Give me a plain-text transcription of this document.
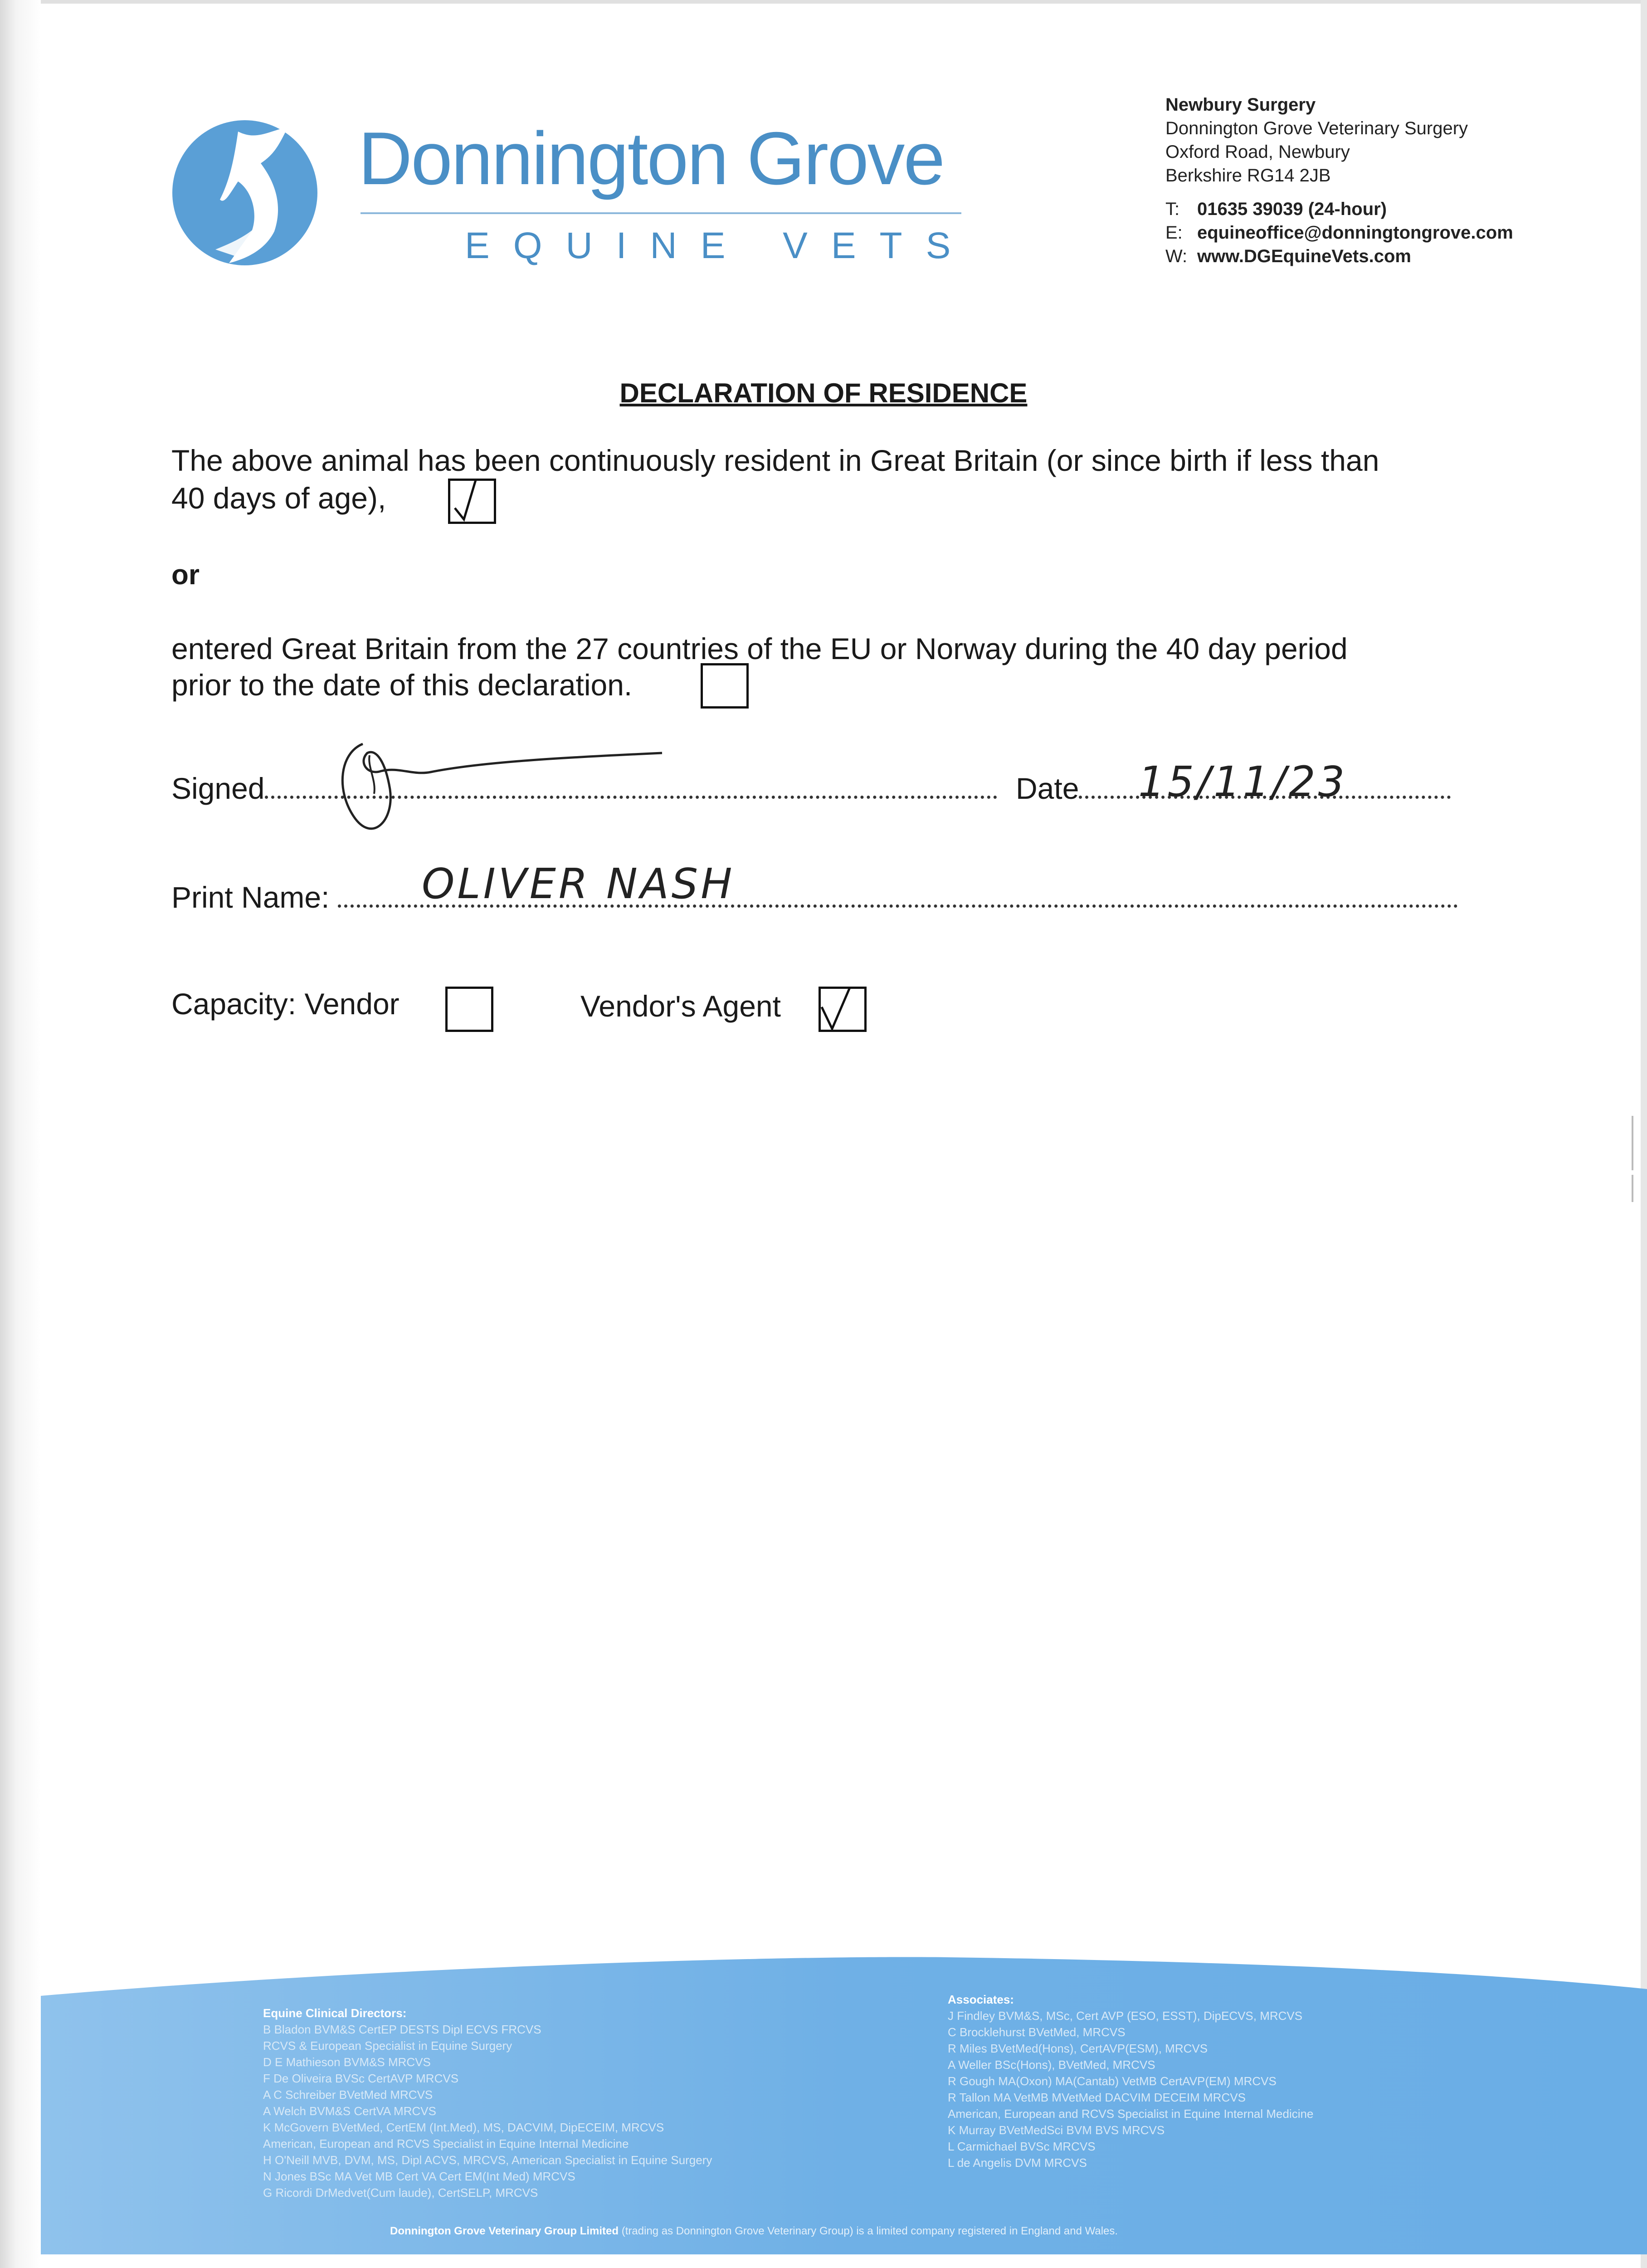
Donnington Grove
EQUINE VETS
Newbury Surgery
Donnington Grove Veterinary Surgery
Oxford Road, Newbury
Berkshire RG14 2JB
T: 01635 39039 (24-hour)
E: equineoffice@donningtongrove.com
W: www.DGEquineVets.com
DECLARATION OF RESIDENCE
The above animal has been continuously resident in Great Britain (or since birth if less than
40 days of age),
or
entered Great Britain from the 27 countries of the EU or Norway during the 40 day period
prior to the date of this declaration.
Signed	Date	15/11/23
Print Name:	OLIVER NASH
Capacity: Vendor	Vendor's Agent
Equine Clinical Directors:
B Bladon BVM&S CertEP DESTS Dipl ECVS FRCVS
RCVS & European Specialist in Equine Surgery
D E Mathieson BVM&S MRCVS
F De Oliveira BVSc CertAVP MRCVS
A C Schreiber BVetMed MRCVS
A Welch BVM&S CertVA MRCVS
K McGovern BVetMed, CertEM (Int.Med), MS, DACVIM, DipECEIM, MRCVS
American, European and RCVS Specialist in Equine Internal Medicine
H O'Neill MVB, DVM, MS, Dipl ACVS, MRCVS, American Specialist in Equine Surgery
N Jones BSc MA Vet MB Cert VA Cert EM(Int Med) MRCVS
G Ricordi DrMedvet(Cum laude), CertSELP, MRCVS
Associates:
J Findley BVM&S, MSc, Cert AVP (ESO, ESST), DipECVS, MRCVS
C Brocklehurst BVetMed, MRCVS
R Miles BVetMed(Hons), CertAVP(ESM), MRCVS
A Weller BSc(Hons), BVetMed, MRCVS
R Gough MA(Oxon) MA(Cantab) VetMB CertAVP(EM) MRCVS
R Tallon MA VetMB MVetMed DACVIM DECEIM MRCVS
American, European and RCVS Specialist in Equine Internal Medicine
K Murray BVetMedSci BVM BVS MRCVS
L Carmichael BVSc MRCVS
L de Angelis DVM MRCVS
Donnington Grove Veterinary Group Limited (trading as Donnington Grove Veterinary Group) is a limited company registered in England and Wales.
